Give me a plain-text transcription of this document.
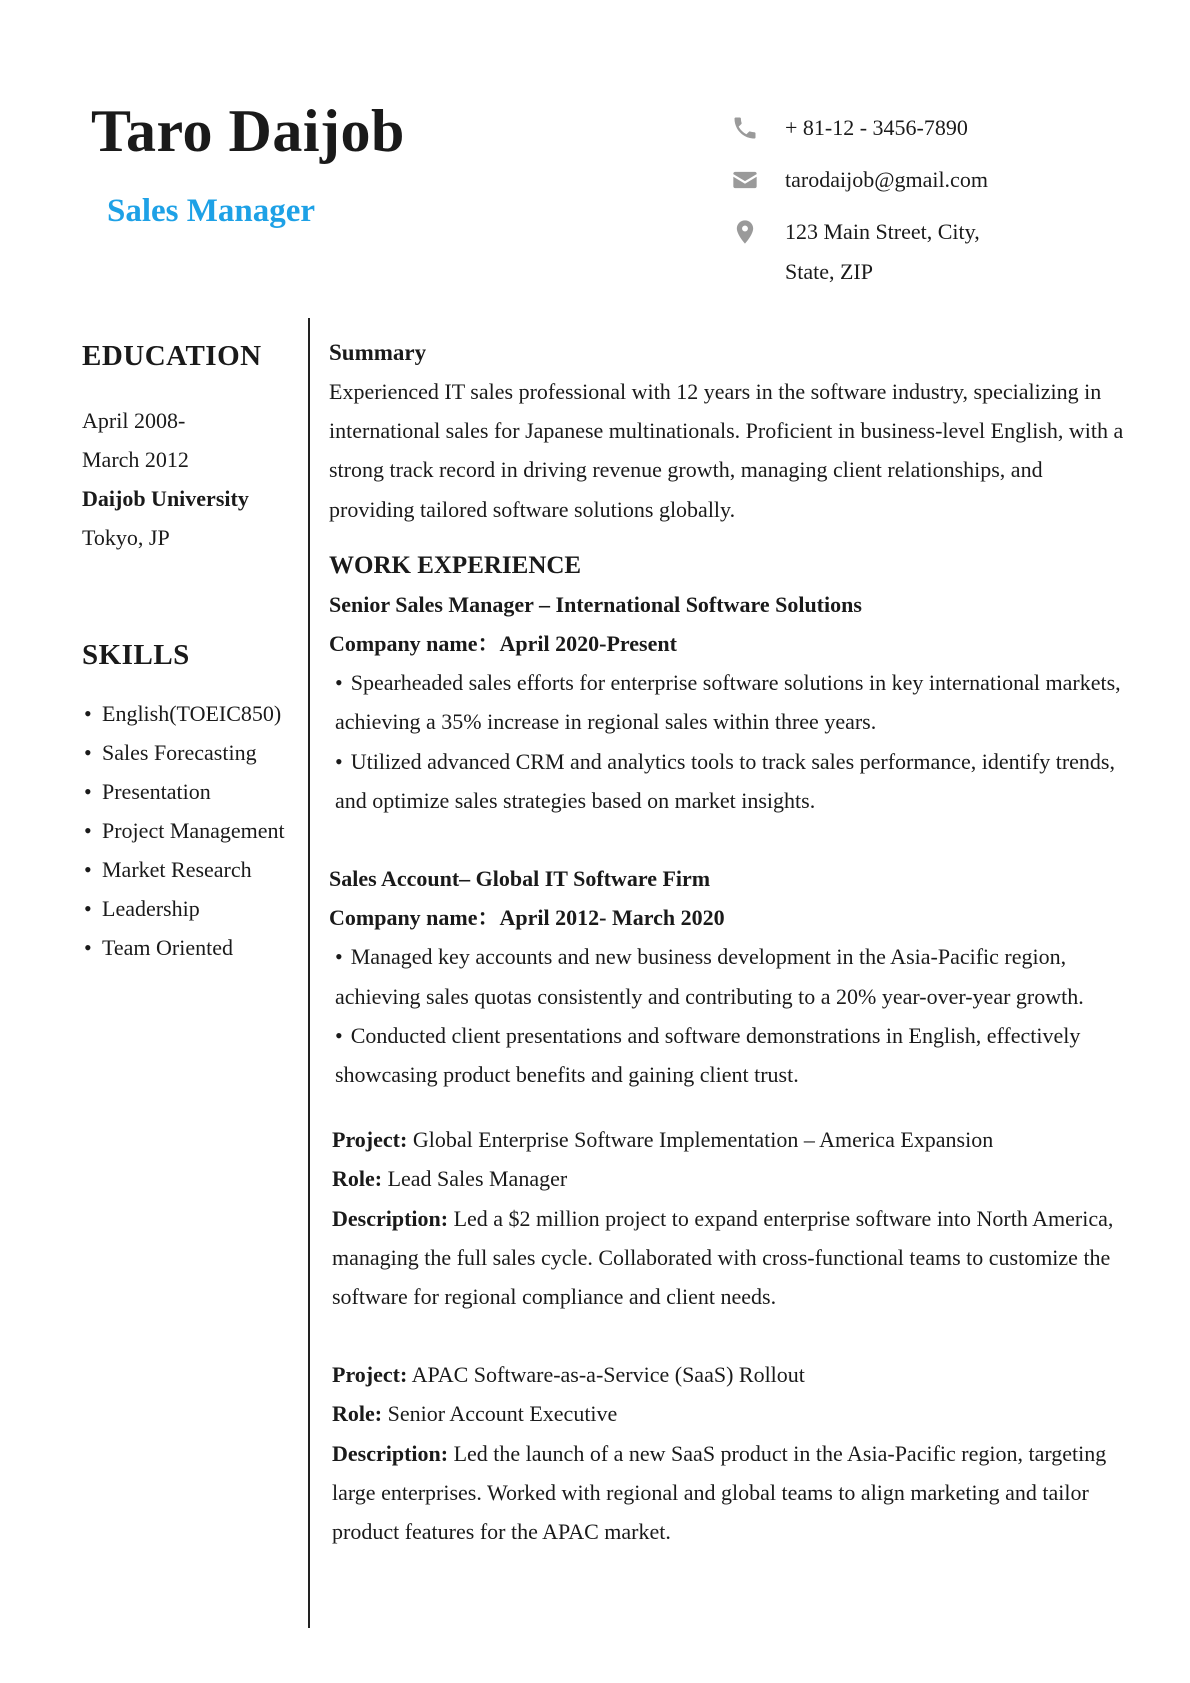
Taro Daijob
Sales Manager
+ 81-12 - 3456-7890
tarodaijob@gmail.com
123 Main Street, City,
State, ZIP
EDUCATION
April 2008-
March 2012
Daijob University
Tokyo, JP
SKILLS
• English(TOEIC850)
• Sales Forecasting
• Presentation
• Project Management
• Market Research
• Leadership
• Team Oriented
Summary

Experienced IT sales professional with 12 years in the software industry, specializing in international sales for Japanese multinationals. Proficient in business-level English, with a strong track record in driving revenue growth, managing client relationships, and providing tailored software solutions globally.

WORK EXPERIENCE

Senior Sales Manager – International Software Solutions

Company name：April 2020-Present

• Spearheaded sales efforts for enterprise software solutions in key international markets, achieving a 35% increase in regional sales within three years.

• Utilized advanced CRM and analytics tools to track sales performance, identify trends, and optimize sales strategies based on market insights.

Sales Account– Global IT Software Firm

Company name：April 2012- March 2020

• Managed key accounts and new business development in the Asia-Pacific region, achieving sales quotas consistently and contributing to a 20% year-over-year growth.

• Conducted client presentations and software demonstrations in English, effectively showcasing product benefits and gaining client trust.

Project: Global Enterprise Software Implementation – America Expansion

Role: Lead Sales Manager

Description: Led a $2 million project to expand enterprise software into North America, managing the full sales cycle. Collaborated with cross-functional teams to customize the software for regional compliance and client needs.

Project: APAC Software-as-a-Service (SaaS) Rollout

Role: Senior Account Executive

Description: Led the launch of a new SaaS product in the Asia-Pacific region, targeting large enterprises. Worked with regional and global teams to align marketing and tailor product features for the APAC market.
